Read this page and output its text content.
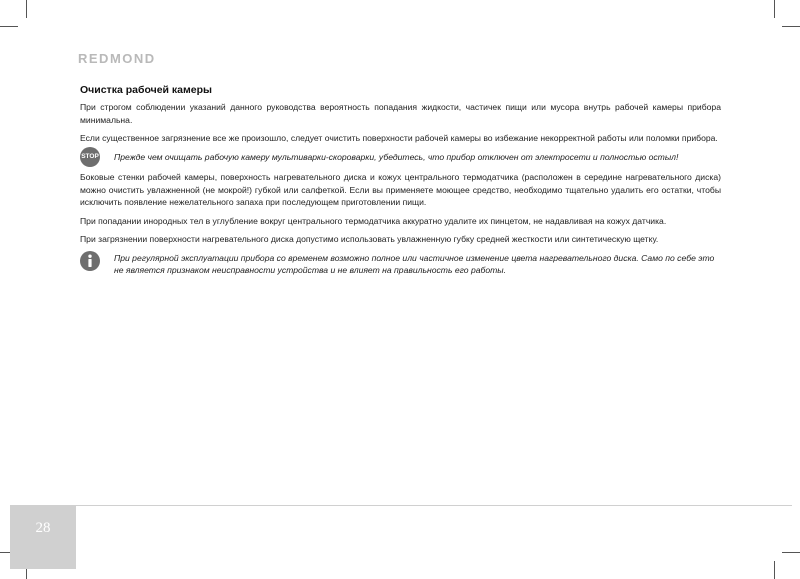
REDMOND
Очистка рабочей камеры

При строгом соблюдении указаний данного руководства вероятность попадания жидкости, частичек пищи или мусора внутрь рабочей камеры прибора минимальна.

Если существенное загрязнение все же произошло, следует очистить поверхности рабочей камеры во избежание некорректной работы или поломки прибора.

STOP Прежде чем очищать рабочую камеру мультиварки-скороварки, убедитесь, что прибор отключен от электросети и полностью остыл!

Боковые стенки рабочей камеры, поверхность нагревательного диска и кожух центрального термодатчика (расположен в середине нагревательного диска) можно очистить увлажненной (не мокрой!) губкой или салфеткой. Если вы применяете моющее средство, необходимо тщательно удалить его остатки, чтобы исключить появление нежелательного запаха при последующем приготовлении пищи.

При попадании инородных тел в углубление вокруг центрального термодатчика аккуратно удалите их пинцетом, не надавливая на кожух датчика.

При загрязнении поверхности нагревательного диска допустимо использовать увлажненную губку средней жесткости или синтетическую щетку.

При регулярной эксплуатации прибора со временем возможно полное или частичное изменение цвета нагревательного диска. Само по себе это не является признаком неисправности устройства и не влияет на правильность его работы.
28
